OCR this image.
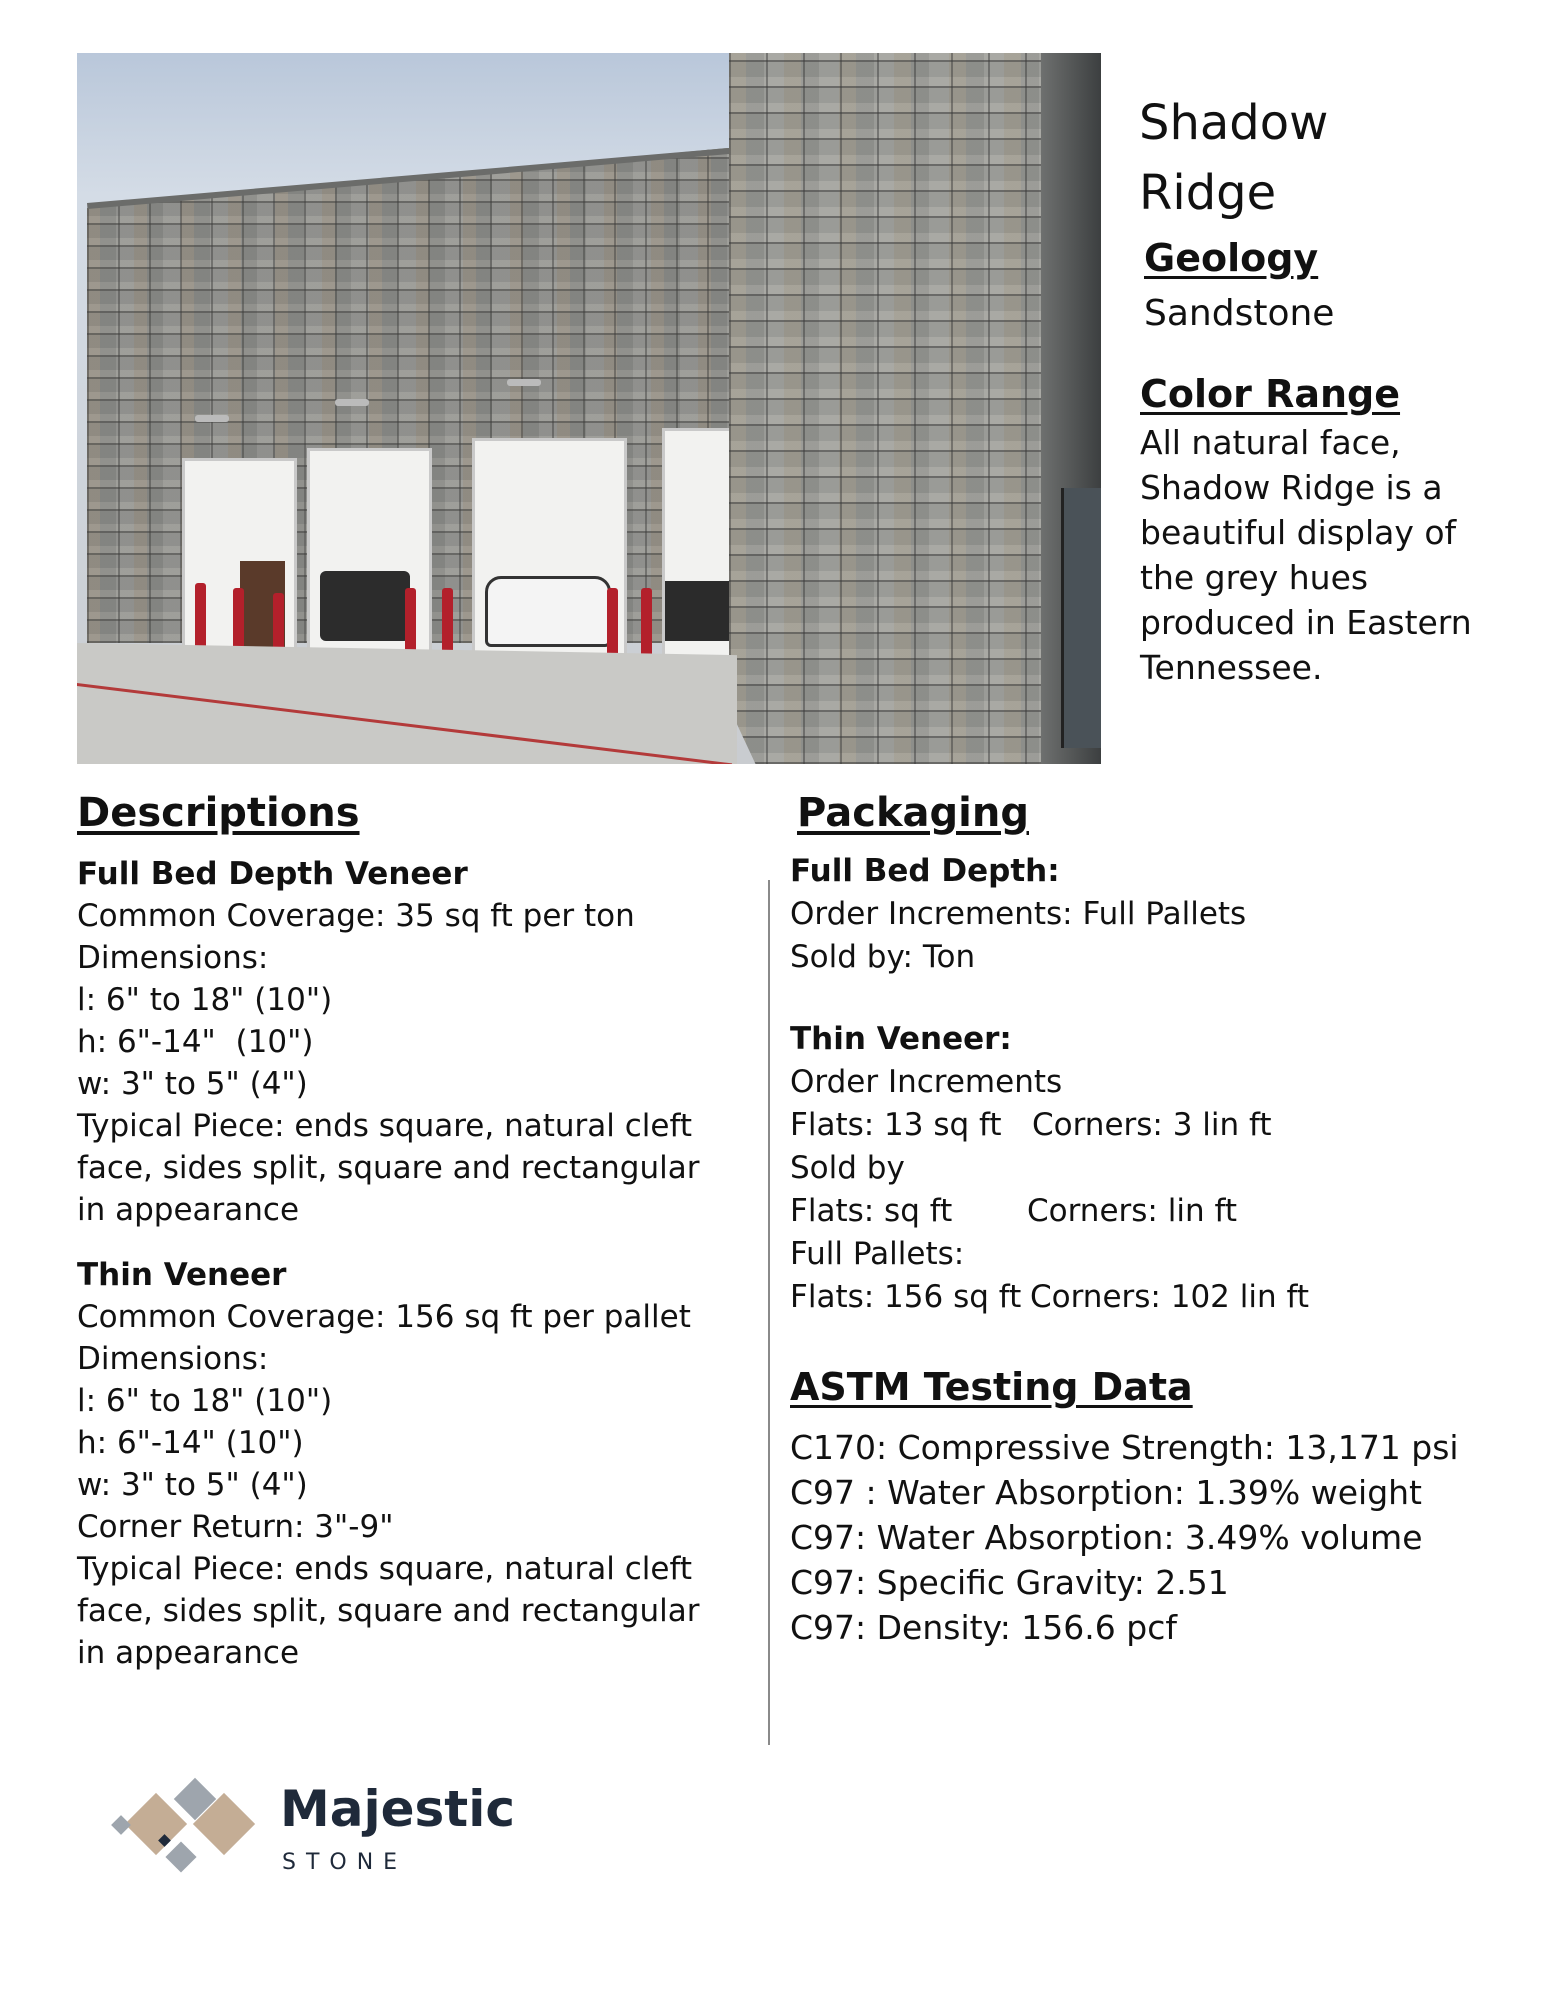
Shadow Ridge
Geology
Sandstone
Color Range
All natural face, Shadow Ridge is a beautiful display of the grey hues produced in Eastern Tennessee.
Descriptions
Full Bed Depth Veneer
Common Coverage: 35 sq ft per ton
Dimensions:
l: 6" to 18" (10")
h: 6"-14"  (10")
w: 3" to 5" (4")
Typical Piece: ends square, natural cleft face, sides split, square and rectangular in appearance
Thin Veneer
Common Coverage: 156 sq ft per pallet
Dimensions:
l: 6" to 18" (10")
h: 6"-14" (10")
w: 3" to 5" (4")
Corner Return: 3"-9"
Typical Piece: ends square, natural cleft face, sides split, square and rectangular in appearance
Packaging
Full Bed Depth:
Order Increments: Full Pallets
Sold by: Ton
Thin Veneer:
Order Increments
Flats: 13 sq ft Corners: 3 lin ft
Sold by
Flats: sq ft Corners: lin ft
Full Pallets:
Flats: 156 sq ft Corners: 102 lin ft
ASTM Testing Data
C170: Compressive Strength: 13,171 psi
C97 : Water Absorption: 1.39% weight
C97: Water Absorption: 3.49% volume
C97: Specific Gravity: 2.51
C97: Density: 156.6 pcf
Majestic
STONE
